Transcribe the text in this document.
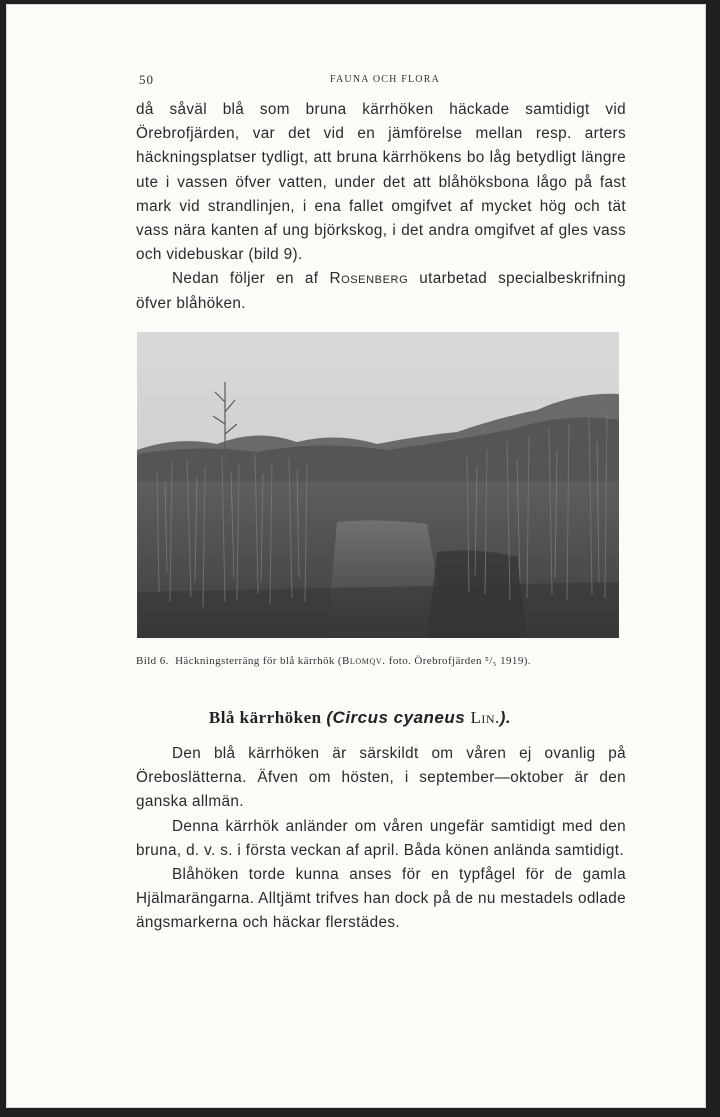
50	FAUNA OCH FLORA

då såväl blå som bruna kärrhöken häckade samtidigt vid Örebrofjärden, var det vid en jämförelse mellan resp. arters häckningsplatser tydligt, att bruna kärrhökens bo låg betydligt längre ute i vassen öfver vatten, under det att blåhöksbona lågo på fast mark vid strandlinjen, i ena fallet omgifvet af mycket hög och tät vass nära kanten af ung björkskog, i det andra omgifvet af gles vass och videbuskar (bild 9).

Nedan följer en af Rosenberg utarbetad specialbeskrifning öfver blåhöken.

Bild 6. Häckningsterräng för blå kärrhök (Blomqv. foto. Örebrofjärden ⁵/₅ 1919).
Blå kärrhöken (Circus cyaneus Lin.).

Den blå kärrhöken är särskildt om våren ej ovanlig på Öreboslätterna. Äfven om hösten, i september—oktober är den ganska allmän.

Denna kärrhök anländer om våren ungefär samtidigt med den bruna, d. v. s. i första veckan af april. Båda könen anlända samtidigt.

Blåhöken torde kunna anses för en typfågel för de gamla Hjälmarängarna. Alltjämt trifves han dock på de nu mestadels odlade ängsmarkerna och häckar flerstädes.
